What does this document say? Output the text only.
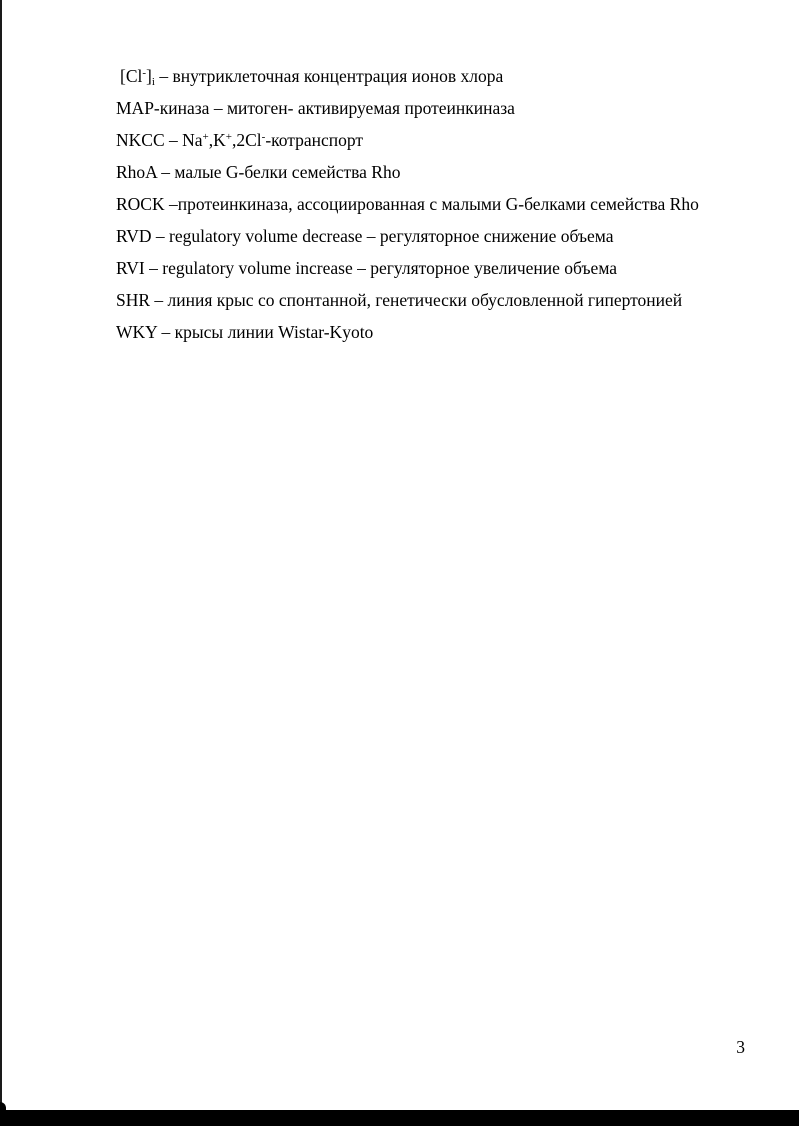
$[Cl^-]_i$ – внутриклеточная концентрация ионов хлора
MAP-киназа – митоген- активируемая протеинкиназа
NKCC – Na+,K+,2Cl--котранспорт
RhoA – малые G-белки семейства Rho
ROCK –протеинкиназа, ассоциированная с малыми G-белками семейства Rho
RVD – regulatory volume decrease – регуляторное снижение объема
RVI – regulatory volume increase – регуляторное увеличение объема
SHR – линия крыс со спонтанной, генетически обусловленной гипертонией
WKY – крысы линии Wistar-Kyoto
3
